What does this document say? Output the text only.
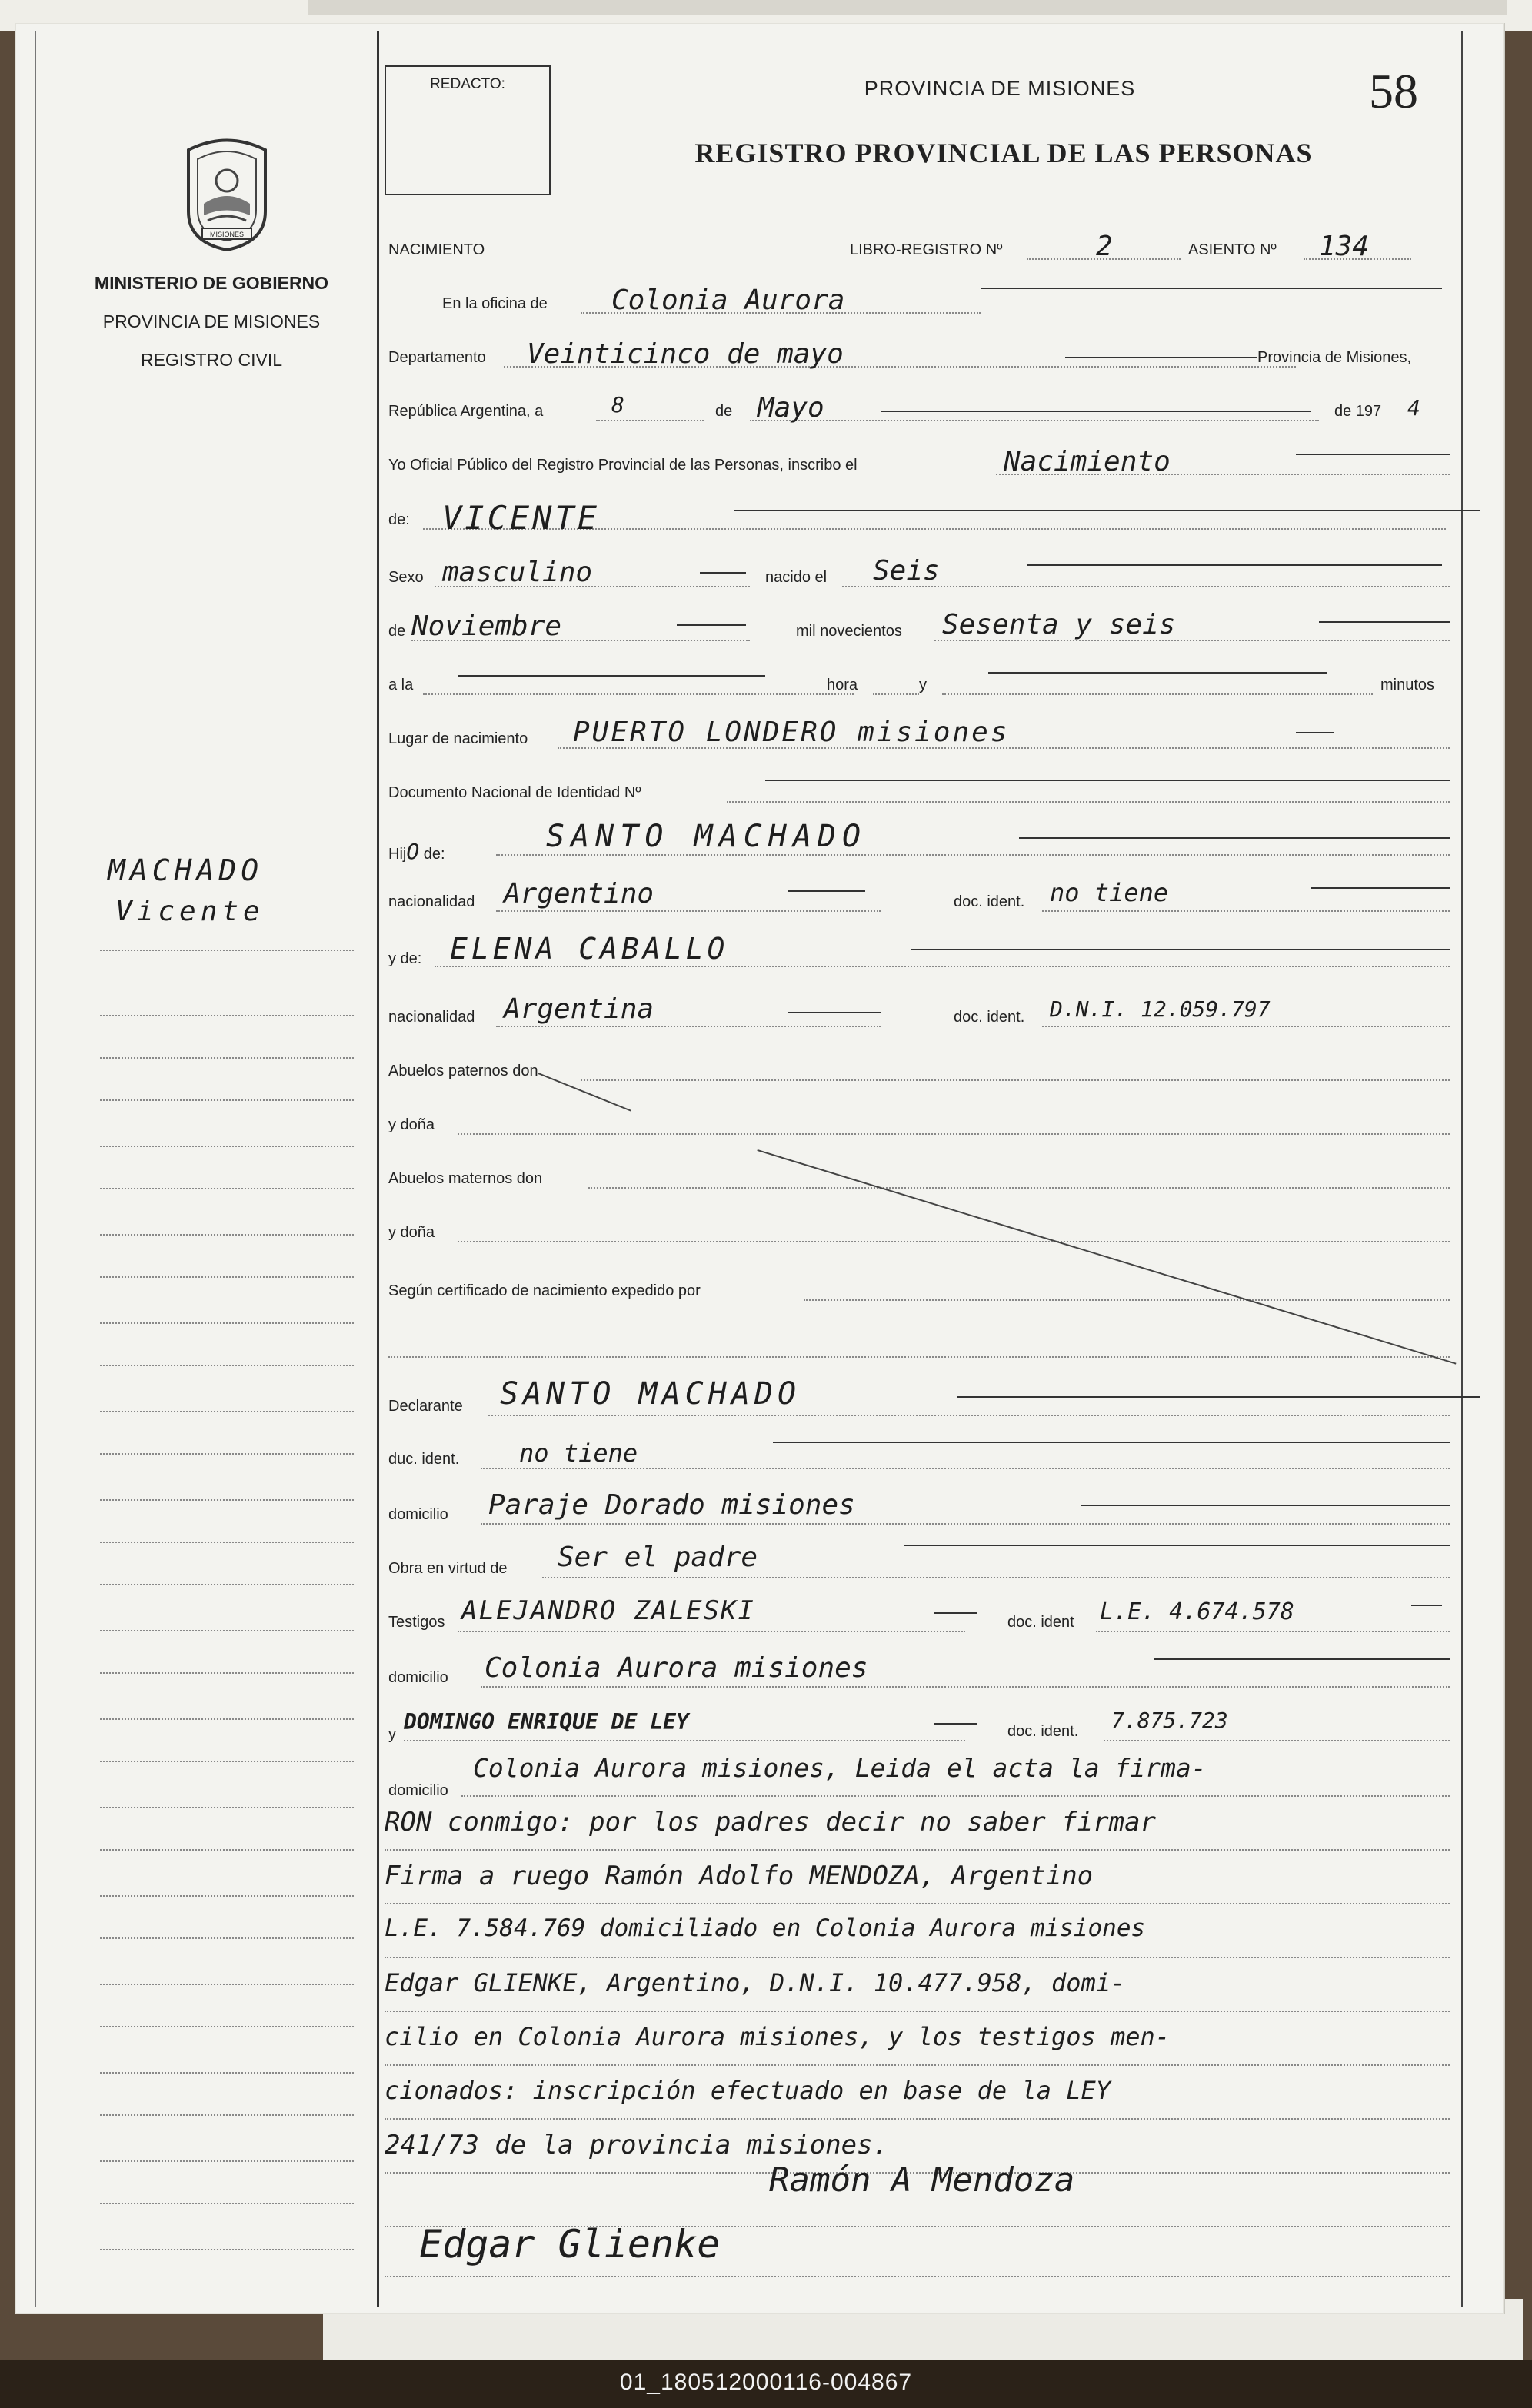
MISIONES
MINISTERIO DE GOBIERNO
PROVINCIA DE MISIONES
REGISTRO CIVIL
MACHADO
Vicente
REDACTO:	PROVINCIA DE MISIONES
REGISTRO PROVINCIAL DE LAS PERSONAS
58
NACIMIENTO	LIBRO-REGISTRO Nº	2	ASIENTO Nº 134
En la oficina de Colonia Aurora
Departamento Veinticinco de mayo	Provincia de Misiones,
República Argentina, a	8	de Mayo	de 197 4
Yo Oficial Público del Registro Provincial de las Personas, inscribo el	Nacimiento
de: VICENTE
Sexo masculino	nacido el Seis
de Noviembre	mil novecientos Sesenta y seis
a la	hora	y	minutos
Lugar de nacimiento PUERTO LONDERO misiones
Documento Nacional de Identidad Nº
HijO de:	SANTO MACHADO
nacionalidad Argentino	doc. ident. no tiene
y de: ELENA CABALLO
nacionalidad Argentina	doc. ident. D.N.I. 12.059.797
Abuelos paternos don
y doña
Abuelos maternos don
y doña
Según certificado de nacimiento expedido por
Declarante SANTO MACHADO
duc. ident. no tiene
domicilio Paraje Dorado misiones
Obra en virtud de Ser el padre
Testigos ALEJANDRO ZALESKI	doc. ident L.E. 4.674.578
domicilio Colonia Aurora misiones
y DOMINGO ENRIQUE DE LEY	doc. ident. 7.875.723
domicilio
Colonia Aurora misiones, Leida el acta la firma-
RON conmigo: por los padres decir no saber firmar
Firma a ruego Ramón Adolfo MENDOZA, Argentino
L.E. 7.584.769 domiciliado en Colonia Aurora misiones
Edgar GLIENKE, Argentino, D.N.I. 10.477.958, domi-
cilio en Colonia Aurora misiones, y los testigos men-
cionados: inscripción efectuado en base de la LEY
241/73 de la provincia misiones.
Ramón A Mendoza
Edgar Glienke
01_180512000116-004867
